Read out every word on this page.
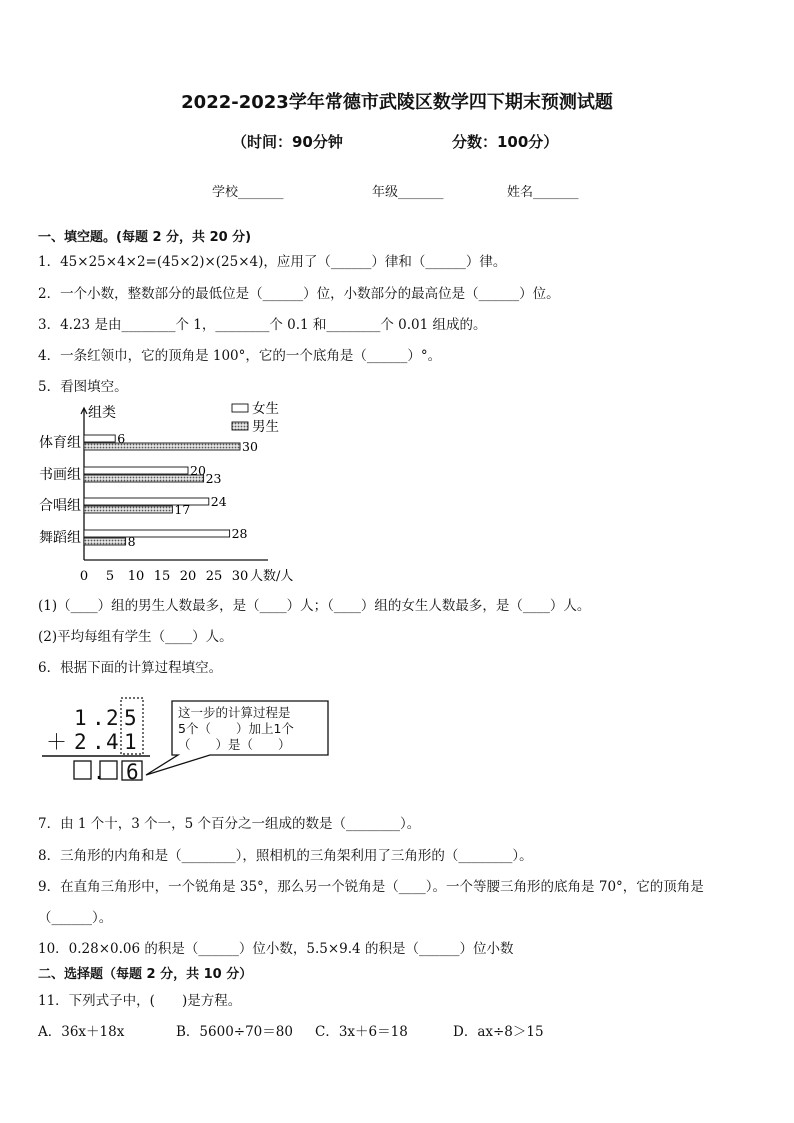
2022-2023学年常德市武陵区数学四下期末预测试题
（时间：90分钟	分数：100分）
学校_______	年级_______	姓名_______
一、填空题。(每题 2 分，共 20 分)
1．45×25×4×2=(45×2)×(25×4)，应用了（______）律和（______）律。
2．一个小数，整数部分的最低位是（______）位，小数部分的最高位是（______）位。
3．4.23 是由________个 1，________个 0.1 和________个 0.01 组成的。
4．一条红领巾，它的顶角是 100°，它的一个底角是（______）°。
5．看图填空。
组类
人数/人
0 5 10 15 20 25 30
体育组	6
30
书画组	20
23
合唱组	24
17
舞蹈组	28
8
女生
男生
(1)（____）组的男生人数最多，是（____）人；（____）组的女生人数最多，是（____）人。
(2)平均每组有学生（____）人。
6．根据下面的计算过程填空。
1 . 2 5
＋ 2 . 4 1
6
.
这一步的计算过程是
5个（　　）加上1个
（　　）是（　　）
7．由 1 个十，3 个一，5 个百分之一组成的数是（________）。
8．三角形的内角和是（________），照相机的三角架利用了三角形的（________）。
9．在直角三角形中，一个锐角是 35°，那么另一个锐角是（____）。一个等腰三角形的底角是 70°，它的顶角是
（______）。
10．0.28×0.06 的积是（______）位小数，5.5×9.4 的积是（______）位小数
二、选择题（每题 2 分，共 10 分）
11．下列式子中，(　　)是方程。
A．36x＋18x	B．5600÷70＝80 C．3x＋6＝18	D．ax÷8＞15
